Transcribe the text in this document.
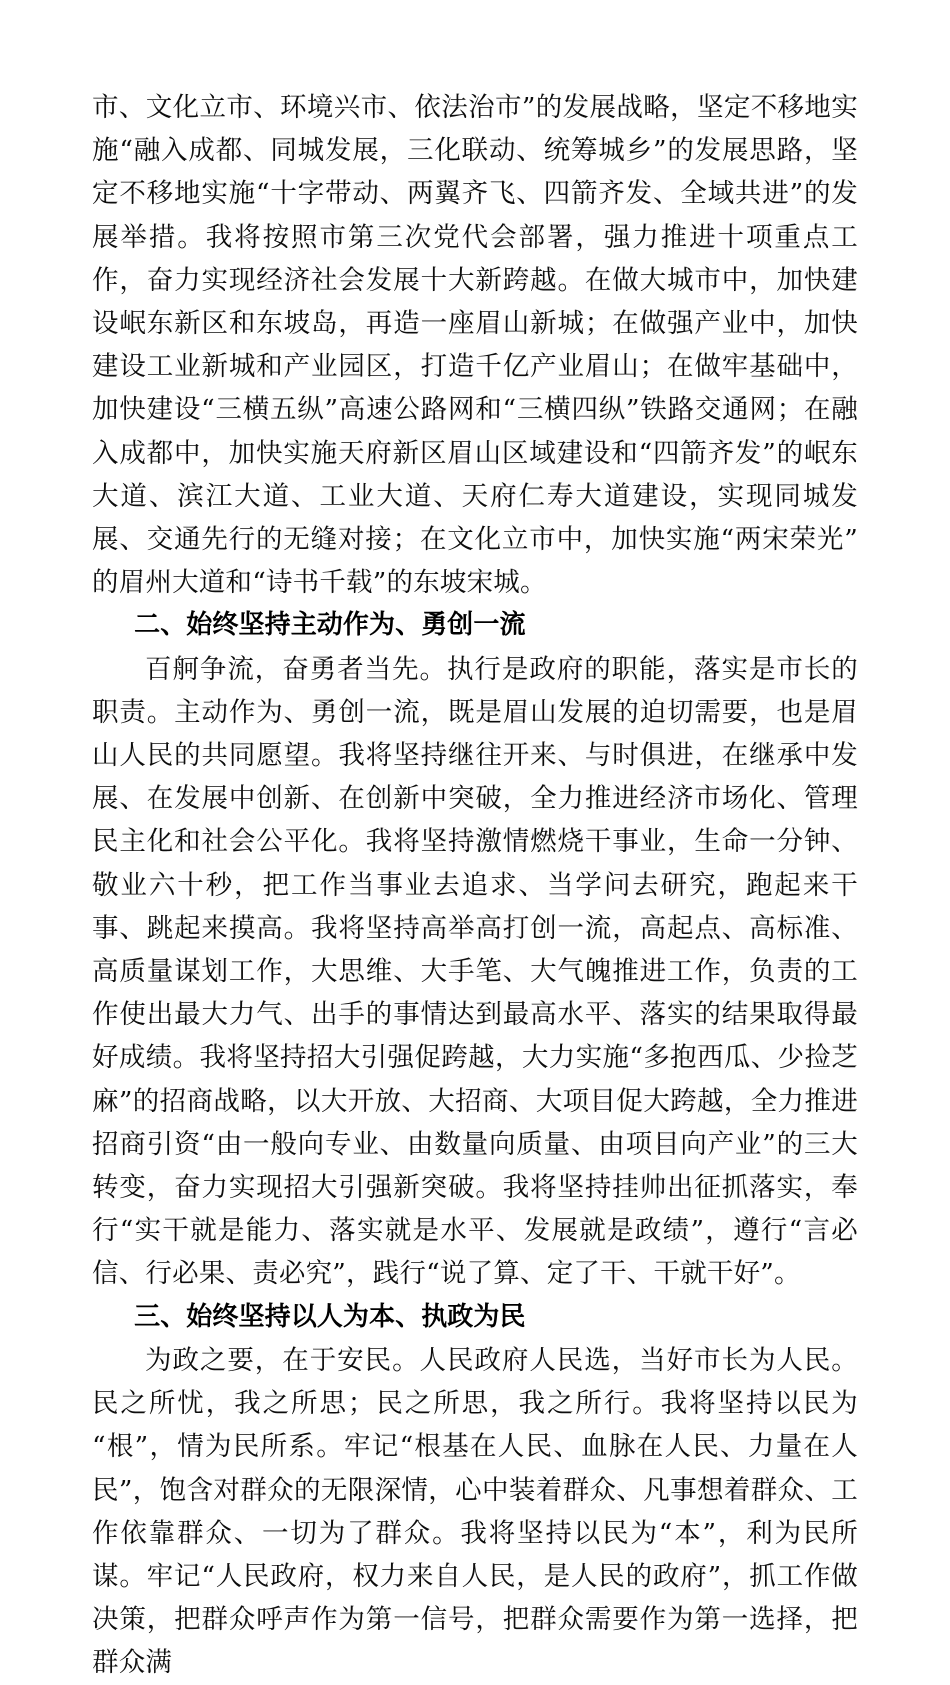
市、文化立市、环境兴市、依法治市”的发展战略，坚定不移地实施“融入成都、同城发展，三化联动、统筹城乡”的发展思路，坚定不移地实施“十字带动、两翼齐飞、四箭齐发、全域共进”的发展举措。我将按照市第三次党代会部署，强力推进十项重点工作，奋力实现经济社会发展十大新跨越。在做大城市中，加快建设岷东新区和东坡岛，再造一座眉山新城；在做强产业中，加快建设工业新城和产业园区，打造千亿产业眉山；在做牢基础中，加快建设“三横五纵”高速公路网和“三横四纵”铁路交通网；在融入成都中，加快实施天府新区眉山区域建设和“四箭齐发”的岷东大道、滨江大道、工业大道、天府仁寿大道建设，实现同城发展、交通先行的无缝对接；在文化立市中，加快实施“两宋荣光”的眉州大道和“诗书千载”的东坡宋城。

二、始终坚持主动作为、勇创一流

百舸争流，奋勇者当先。执行是政府的职能，落实是市长的职责。主动作为、勇创一流，既是眉山发展的迫切需要，也是眉山人民的共同愿望。我将坚持继往开来、与时俱进，在继承中发展、在发展中创新、在创新中突破，全力推进经济市场化、管理民主化和社会公平化。我将坚持激情燃烧干事业，生命一分钟、敬业六十秒，把工作当事业去追求、当学问去研究，跑起来干事、跳起来摸高。我将坚持高举高打创一流，高起点、高标准、高质量谋划工作，大思维、大手笔、大气魄推进工作，负责的工作使出最大力气、出手的事情达到最高水平、落实的结果取得最好成绩。我将坚持招大引强促跨越，大力实施“多抱西瓜、少捡芝麻”的招商战略，以大开放、大招商、大项目促大跨越，全力推进招商引资“由一般向专业、由数量向质量、由项目向产业”的三大转变，奋力实现招大引强新突破。我将坚持挂帅出征抓落实，奉行“实干就是能力、落实就是水平、发展就是政绩”，遵行“言必信、行必果、责必究”，践行“说了算、定了干、干就干好”。

三、始终坚持以人为本、执政为民

为政之要，在于安民。人民政府人民选，当好市长为人民。民之所忧，我之所思；民之所思，我之所行。我将坚持以民为“根”，情为民所系。牢记“根基在人民、血脉在人民、力量在人民”，饱含对群众的无限深情，心中装着群众、凡事想着群众、工作依靠群众、一切为了群众。我将坚持以民为“本”，利为民所谋。牢记“人民政府，权力来自人民，是人民的政府”，抓工作做决策，把群众呼声作为第一信号，把群众需要作为第一选择，把群众满
